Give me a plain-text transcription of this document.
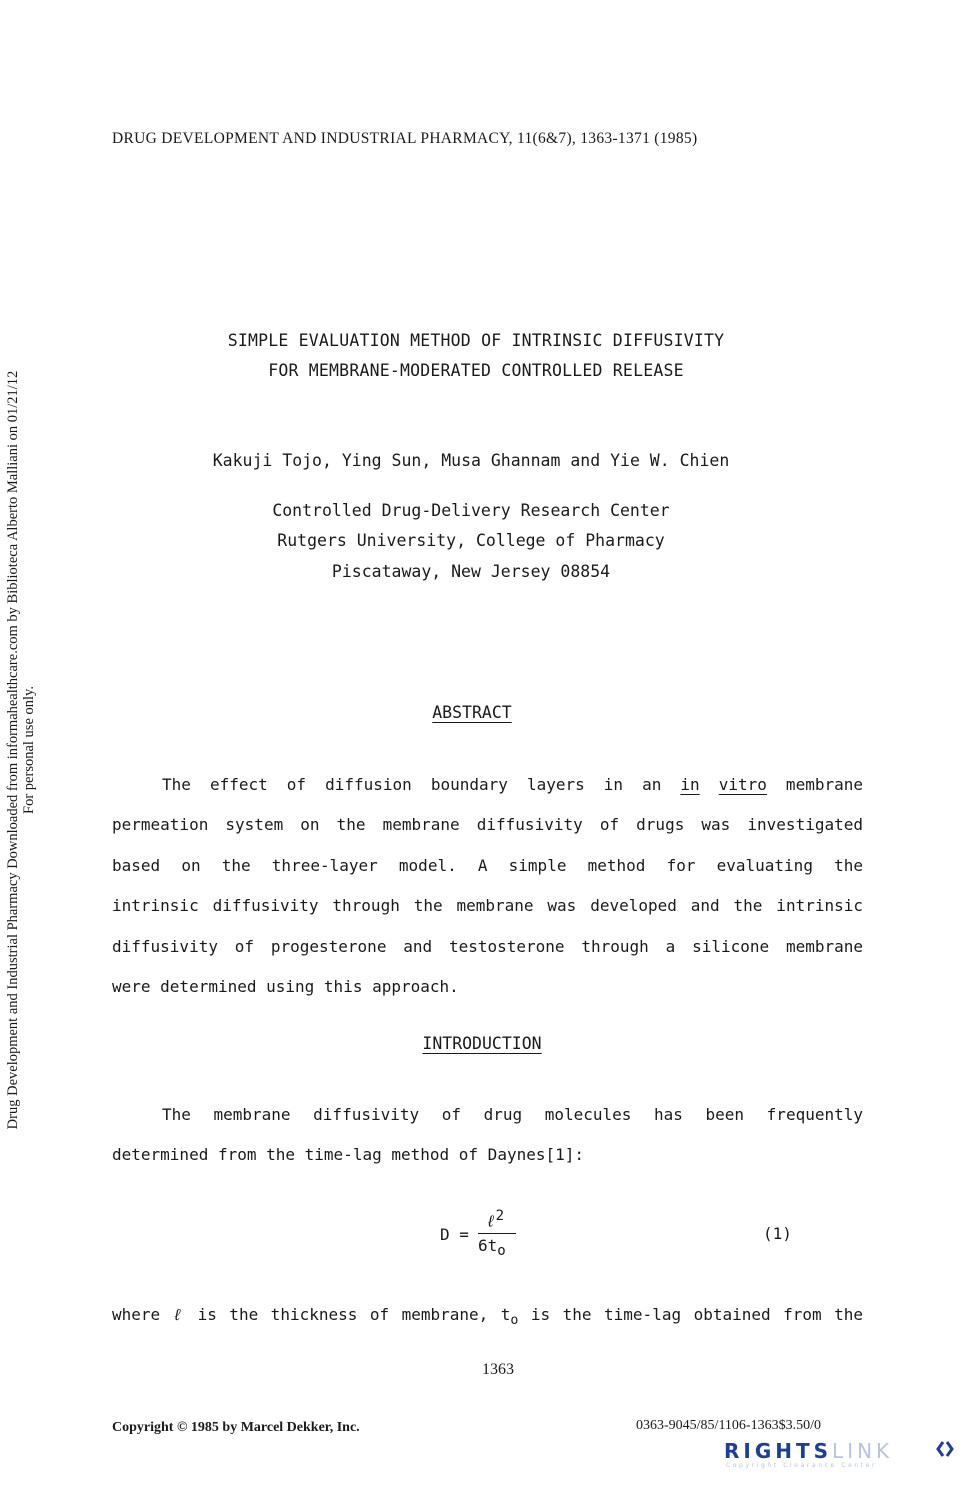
Drug Development and Industrial Pharmacy Downloaded from informahealthcare.com by Biblioteca Alberto Malliani on 01/21/12 For personal use only.
DRUG DEVELOPMENT AND INDUSTRIAL PHARMACY, 11(6&7), 1363-1371 (1985)
SIMPLE EVALUATION METHOD OF INTRINSIC DIFFUSIVITY
FOR MEMBRANE-MODERATED CONTROLLED RELEASE
Kakuji Tojo, Ying Sun, Musa Ghannam and Yie W. Chien
Controlled Drug-Delivery Research Center
Rutgers University, College of Pharmacy
Piscataway, New Jersey 08854
ABSTRACT
The effect of diffusion boundary layers in an in vitro membrane
permeation system on the membrane diffusivity of drugs was investigated
based on the three-layer model. A simple method for evaluating the
intrinsic diffusivity through the membrane was developed and the intrinsic
diffusivity of progesterone and testosterone through a silicone membrane
were determined using this approach.
INTRODUCTION
The membrane diffusivity of drug molecules has been frequently
determined from the time-lag method of Daynes[1]:
D =
ℓ$^2$
$6t_o$
(1)
where ℓ is the thickness of membrane, $t_o$ is the time-lag obtained from the
1363
Copyright © 1985 by Marcel Dekker, Inc.	0363-9045/85/1106-1363$3.50/0
RIGHTSLINK
Copyright Clearance Center
